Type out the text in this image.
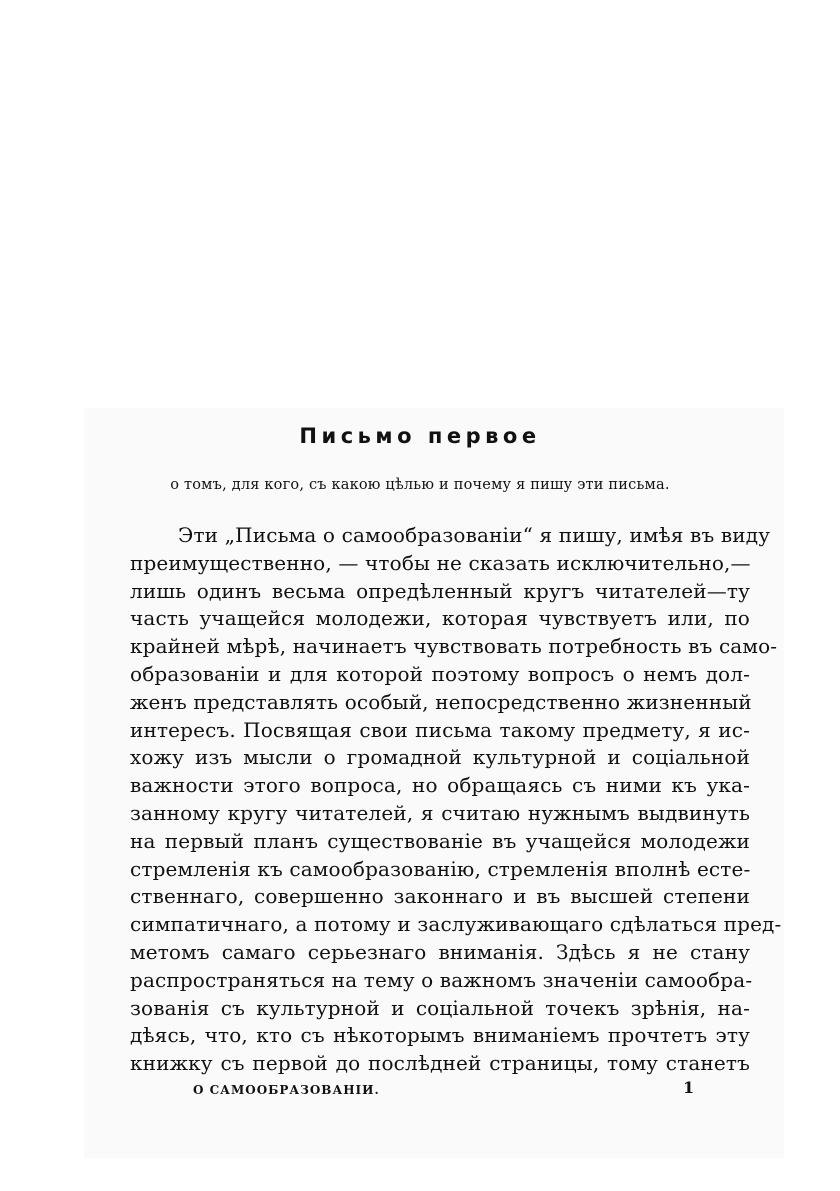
Письмо первое
о томъ, для кого, съ какою цѣлью и почему я пишу эти письма.
Эти „Письма о самообразованіи“ я пишу, имѣя въ виду
преимущественно, — чтобы не сказать исключительно,—
лишь одинъ весьма опредѣленный кругъ читателей—ту
часть учащейся молодежи, которая чувствуетъ или, по
крайней мѣрѣ, начинаетъ чувствовать потребность въ само-
образованіи и для которой поэтому вопросъ о немъ дол-
женъ представлять особый, непосредственно жизненный
интересъ. Посвящая свои письма такому предмету, я ис-
хожу изъ мысли о громадной культурной и соціальной
важности этого вопроса, но обращаясь съ ними къ ука-
занному кругу читателей, я считаю нужнымъ выдвинуть
на первый планъ существованіе въ учащейся молодежи
стремленія къ самообразованію, стремленія вполнѣ есте-
ственнаго, совершенно законнаго и въ высшей степени
симпатичнаго, а потому и заслуживающаго сдѣлаться пред-
метомъ самаго серьезнаго вниманія. Здѣсь я не стану
распространяться на тему о важномъ значеніи самообра-
зованія съ культурной и соціальной точекъ зрѣнія, на-
дѣясь, что, кто съ нѣкоторымъ вниманіемъ прочтетъ эту
книжку съ первой до послѣдней страницы, тому станетъ
О САМООБРАЗОВАНІИ.	1
